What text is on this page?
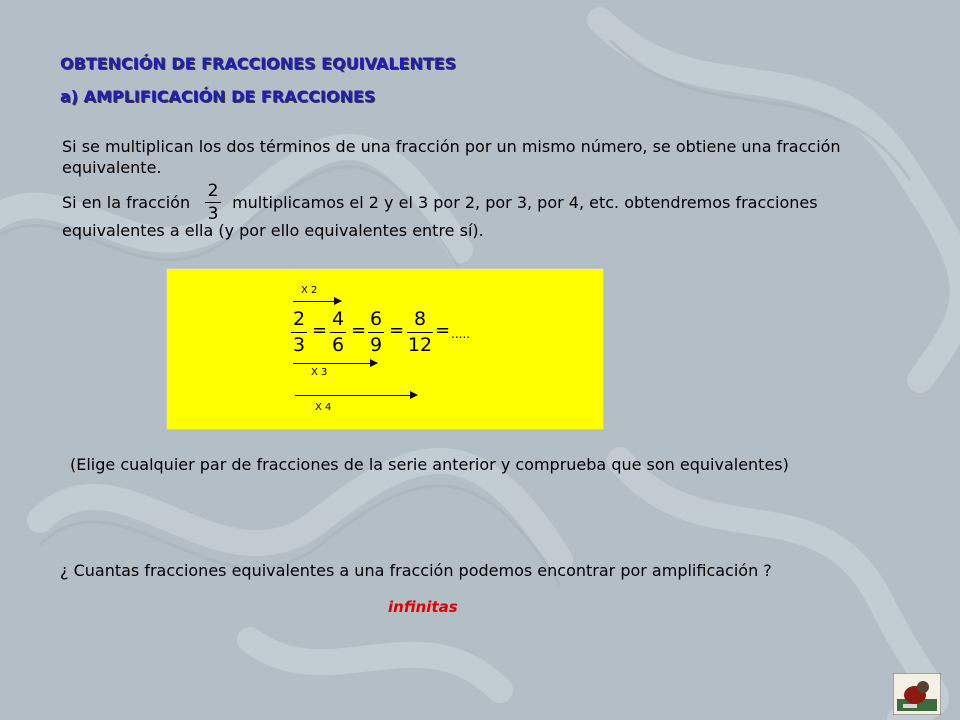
OBTENCIÓN DE FRACCIONES EQUIVALENTES
a) AMPLIFICACIÓN DE FRACCIONES
Si se multiplican los dos términos de una fracción por un mismo número, se obtiene una fracción equivalente.
Si en la fracción	multiplicamos el 2 y el 3 por 2, por 3, por 4, etc. obtendremos fracciones
2
3
equivalentes a ella (y por ello equivalentes entre sí).
X 2
2
3
=
4
6
=
6
9
=
8
12
= .....
X 3
X 4
(Elige cualquier par de fracciones de la serie anterior y comprueba que son equivalentes)
¿ Cuantas fracciones equivalentes a una fracción podemos encontrar por amplificación ?
infinitas
